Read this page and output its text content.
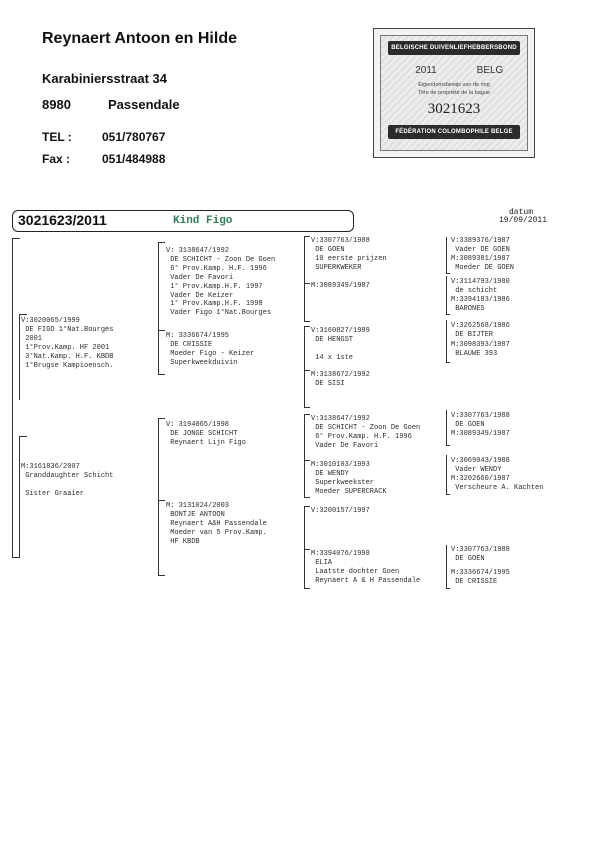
Reynaert Antoon en Hilde
Karabiniersstraat 34
8980	Passendale
TEL :	051/780767
Fax :	051/484988
BELGISCHE DUIVENLIEFHEBBERSBOND
2011	BELG
Eigendomsbewijs van de ring
Titre de propriété de la bague
3021623
FÉDÉRATION COLOMBOPHILE BELGE
3021623/2011	Kind Figo
datum
19/09/2011
V:3020065/1999
DE FIGO 1°Nat.Bourges
2001
1°Prov.Kamp. HF 2001
3°Nat.Kamp. H.F. KBDB
1°Brugse Kampioensch.
M:3161836/2007
Granddaughter Schicht

Sister Graaier
V: 3138647/1992
DE SCHICHT - Zoon De Goen
6° Prov.Kamp. H.F. 1996
Vader De Favori
1° Prov.Kamp.H.F. 1997
Vader De Keizer
1° Prov.Kamp.H.F. 1998
Vader Figo 1°Nat.Bourges
M: 3336674/1995
DE CRISSIE
Moeder Figo - Keizer
Superkweekduivin
V: 3194065/1998
DE JONGE SCHICHT
Reynaert Lijn Figo
M: 3131024/2003
BONTJE ANTOON
Reynaert A&H Passendale
Moeder van 5 Prov.Kamp.
HF KBDB
V:3307763/1988
DE GOEN
10 eerste prijzen
SUPERKWEKER
M:3089349/1987
V:3160827/1989
DE HENGST

14 x 1ste
M:3138672/1992
DE SISI
V:3138647/1992
DE SCHICHT - Zoon De Goen
6° Prov.Kamp. H.F. 1996
Vader De Favori
M:3010103/1993
DE WENDY
Superkweekster
Moeder SUPERCRACK
V:3200157/1997
M:3394076/1998
ELIA
Laatste dochter Goen
Reynaert A & H Passendale
V:3389376/1987
Vader DE GOEN
M:3089381/1987
Moeder DE GOEN
V:3114793/1980
de schicht
M:3394183/1986
BARONES
V:3262568/1986
DE BIJTER
M:3098393/1987
BLAUWE 393
V:3307763/1988
DE GOEN
M:3089349/1987
V:3069043/1988
Vader WENDY
M:3202660/1987
Verscheure A. Kachten
V:3307763/1988
DE GOEN
M:3336674/1995
DE CRISSIE
